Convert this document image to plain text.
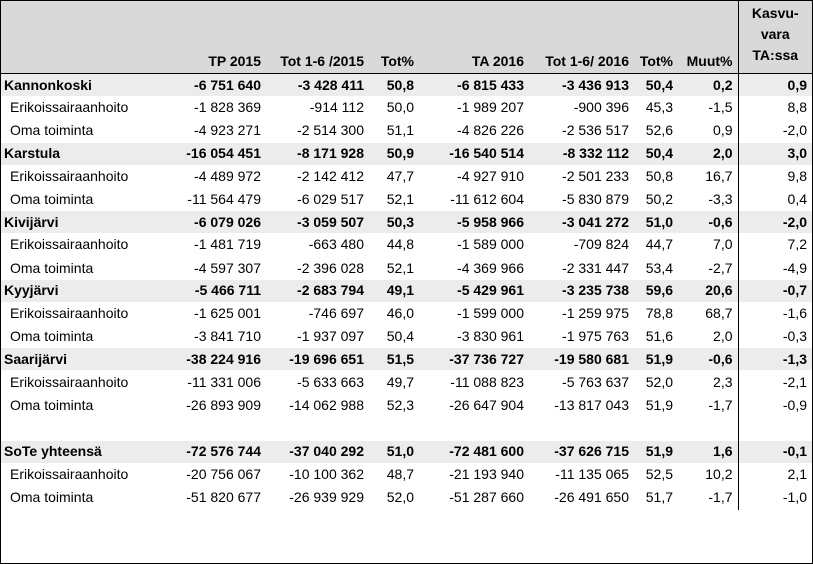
	TP 2015	Tot 1-6 /2015	Tot%	TA 2016	Tot 1-6/ 2016	Tot%	Muut%	Kasvu-
vara
TA:ssa

Kannonkoski	-6 751 640	-3 428 411	50,8	-6 815 433	-3 436 913	50,4	0,2	0,9
Erikoissairaanhoito	-1 828 369	-914 112	50,0	-1 989 207	-900 396	45,3	-1,5	8,8
Oma toiminta	-4 923 271	-2 514 300	51,1	-4 826 226	-2 536 517	52,6	0,9	-2,0
Karstula	-16 054 451	-8 171 928	50,9	-16 540 514	-8 332 112	50,4	2,0	3,0
Erikoissairaanhoito	-4 489 972	-2 142 412	47,7	-4 927 910	-2 501 233	50,8	16,7	9,8
Oma toiminta	-11 564 479	-6 029 517	52,1	-11 612 604	-5 830 879	50,2	-3,3	0,4
Kivijärvi	-6 079 026	-3 059 507	50,3	-5 958 966	-3 041 272	51,0	-0,6	-2,0
Erikoissairaanhoito	-1 481 719	-663 480	44,8	-1 589 000	-709 824	44,7	7,0	7,2
Oma toiminta	-4 597 307	-2 396 028	52,1	-4 369 966	-2 331 447	53,4	-2,7	-4,9
Kyyjärvi	-5 466 711	-2 683 794	49,1	-5 429 961	-3 235 738	59,6	20,6	-0,7
Erikoissairaanhoito	-1 625 001	-746 697	46,0	-1 599 000	-1 259 975	78,8	68,7	-1,6
Oma toiminta	-3 841 710	-1 937 097	50,4	-3 830 961	-1 975 763	51,6	2,0	-0,3
Saarijärvi	-38 224 916	-19 696 651	51,5	-37 736 727	-19 580 681	51,9	-0,6	-1,3
Erikoissairaanhoito	-11 331 006	-5 633 663	49,7	-11 088 823	-5 763 637	52,0	2,3	-2,1
Oma toiminta	-26 893 909	-14 062 988	52,3	-26 647 904	-13 817 043	51,9	-1,7	-0,9

SoTe yhteensä	-72 576 744	-37 040 292	51,0	-72 481 600	-37 626 715	51,9	1,6	-0,1
Erikoissairaanhoito	-20 756 067	-10 100 362	48,7	-21 193 940	-11 135 065	52,5	10,2	2,1
Oma toiminta	-51 820 677	-26 939 929	52,0	-51 287 660	-26 491 650	51,7	-1,7	-1,0
